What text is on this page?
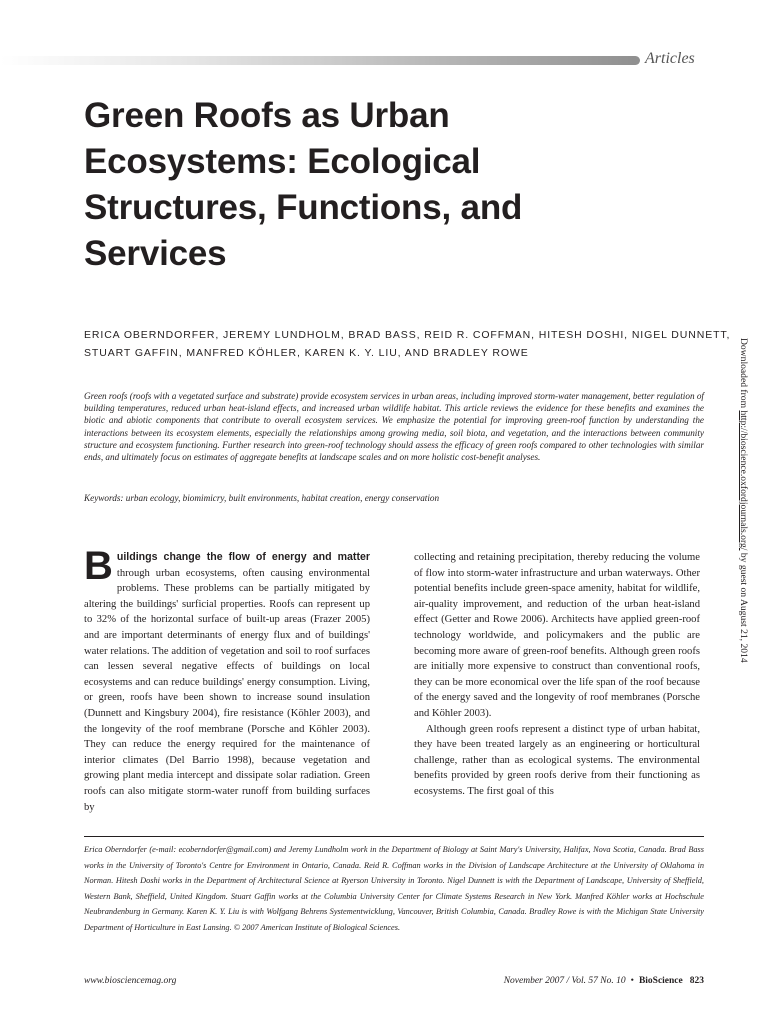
Articles
Green Roofs as Urban
Ecosystems: Ecological
Structures, Functions, and
Services
ERICA OBERNDORFER, JEREMY LUNDHOLM, BRAD BASS, REID R. COFFMAN, HITESH DOSHI, NIGEL DUNNETT,
STUART GAFFIN, MANFRED KÖHLER, KAREN K. Y. LIU, AND BRADLEY ROWE

Green roofs (roofs with a vegetated surface and substrate) provide ecosystem services in urban areas, including improved storm-water management, better regulation of building temperatures, reduced urban heat-island effects, and increased urban wildlife habitat. This article reviews the evidence for these benefits and examines the biotic and abiotic components that contribute to overall ecosystem services. We emphasize the potential for improving green-roof function by understanding the interactions between its ecosystem elements, especially the relationships among growing media, soil biota, and vegetation, and the interactions between community structure and ecosystem functioning. Further research into green-roof technology should assess the efficacy of green roofs compared to other technologies with similar ends, and ultimately focus on estimates of aggregate benefits at landscape scales and on more holistic cost-benefit analyses.

Keywords: urban ecology, biomimicry, built environments, habitat creation, energy conservation

Buildings change the flow of energy and matter through urban ecosystems, often causing environmental problems. These problems can be partially mitigated by altering the buildings' surficial properties. Roofs can represent up to 32% of the horizontal surface of built-up areas (Frazer 2005) and are important determinants of energy flux and of buildings' water relations. The addition of vegetation and soil to roof surfaces can lessen several negative effects of buildings on local ecosystems and can reduce buildings' energy consumption. Living, or green, roofs have been shown to increase sound insulation (Dunnett and Kingsbury 2004), fire resistance (Köhler 2003), and the longevity of the roof membrane (Porsche and Köhler 2003). They can reduce the energy required for the maintenance of interior climates (Del Barrio 1998), because vegetation and growing plant media intercept and dissipate solar radiation. Green roofs can also mitigate storm-water runoff from building surfaces by

collecting and retaining precipitation, thereby reducing the volume of flow into storm-water infrastructure and urban waterways. Other potential benefits include green-space amenity, habitat for wildlife, air-quality improvement, and reduction of the urban heat-island effect (Getter and Rowe 2006). Architects have applied green-roof technology worldwide, and policymakers and the public are becoming more aware of green-roof benefits. Although green roofs are initially more expensive to construct than conventional roofs, they can be more economical over the life span of the roof because of the energy saved and the longevity of roof membranes (Porsche and Köhler 2003).

Although green roofs represent a distinct type of urban habitat, they have been treated largely as an engineering or horticultural challenge, rather than as ecological systems. The environmental benefits provided by green roofs derive from their functioning as ecosystems. The first goal of this

Erica Oberndorfer (e-mail: ecoberndorfer@gmail.com) and Jeremy Lundholm work in the Department of Biology at Saint Mary's University, Halifax, Nova Scotia, Canada. Brad Bass works in the University of Toronto's Centre for Environment in Ontario, Canada. Reid R. Coffman works in the Division of Landscape Architecture at the University of Oklahoma in Norman. Hitesh Doshi works in the Department of Architectural Science at Ryerson University in Toronto. Nigel Dunnett is with the Department of Landscape, University of Sheffield, Western Bank, Sheffield, United Kingdom. Stuart Gaffin works at the Columbia University Center for Climate Systems Research in New York. Manfred Köhler works at Hochschule Neubrandenburg in Germany. Karen K. Y. Liu is with Wolfgang Behrens Systementwicklung, Vancouver, British Columbia, Canada. Bradley Rowe is with the Michigan State University Department of Horticulture in East Lansing. © 2007 American Institute of Biological Sciences.

www.biosciencemag.org	November 2007 / Vol. 57 No. 10 • BioScience 823
Downloaded from http://bioscience.oxfordjournals.org/ by guest on August 21, 2014
